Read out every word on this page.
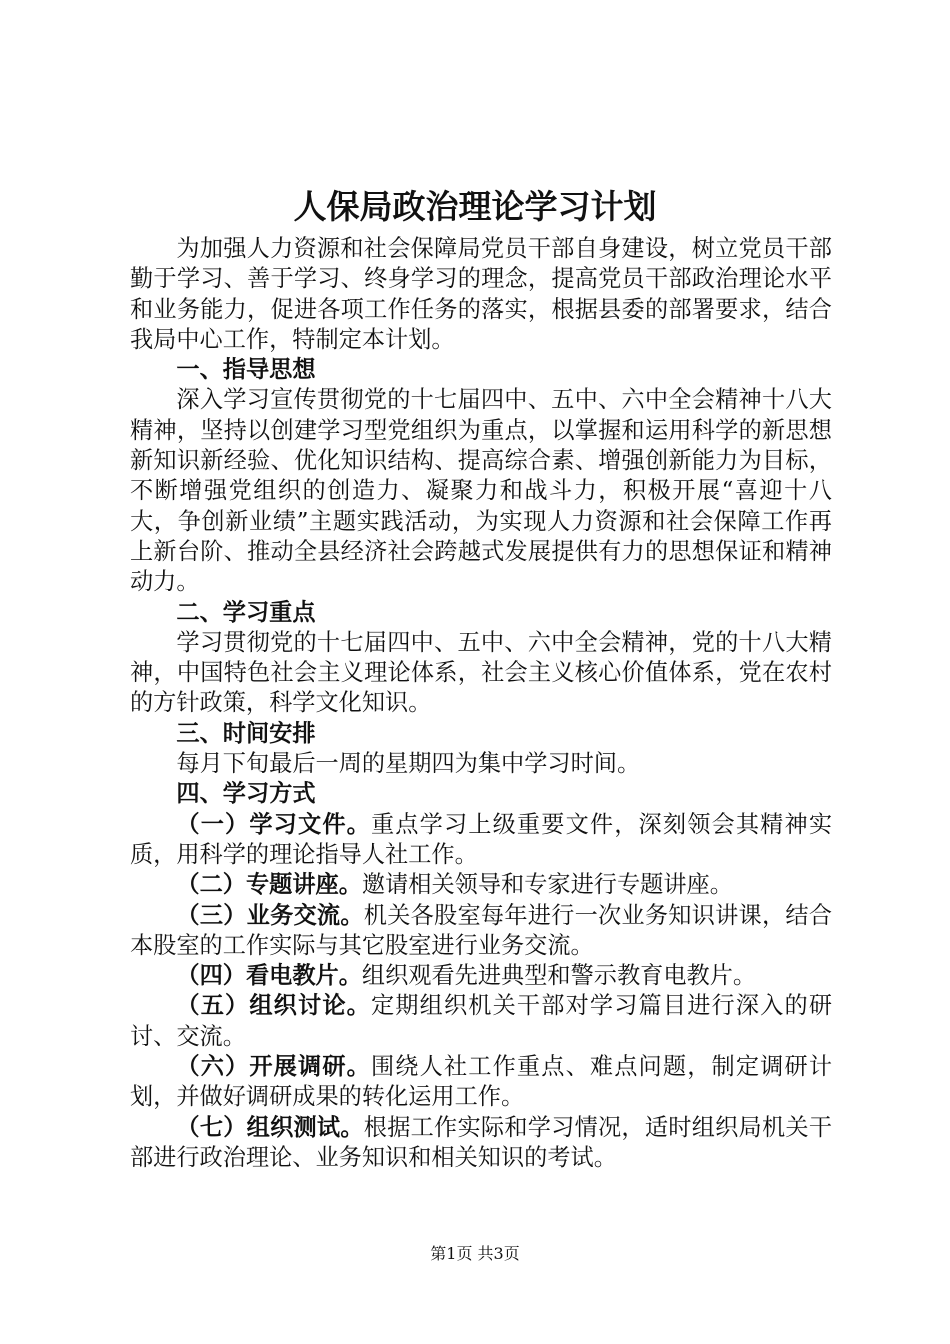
人保局政治理论学习计划

为加强人力资源和社会保障局党员干部自身建设，树立党员干部勤于学习、善于学习、终身学习的理念，提高党员干部政治理论水平和业务能力，促进各项工作任务的落实，根据县委的部署要求，结合我局中心工作，特制定本计划。

一、指导思想

深入学习宣传贯彻党的十七届四中、五中、六中全会精神十八大精神，坚持以创建学习型党组织为重点，以掌握和运用科学的新思想新知识新经验、优化知识结构、提高综合素、增强创新能力为目标，不断增强党组织的创造力、凝聚力和战斗力，积极开展“喜迎十八大，争创新业绩”主题实践活动，为实现人力资源和社会保障工作再上新台阶、推动全县经济社会跨越式发展提供有力的思想保证和精神动力。

二、学习重点

学习贯彻党的十七届四中、五中、六中全会精神，党的十八大精神，中国特色社会主义理论体系，社会主义核心价值体系，党在农村的方针政策，科学文化知识。

三、时间安排

每月下旬最后一周的星期四为集中学习时间。

四、学习方式

（一）学习文件。重点学习上级重要文件，深刻领会其精神实质，用科学的理论指导人社工作。

（二）专题讲座。邀请相关领导和专家进行专题讲座。

（三）业务交流。机关各股室每年进行一次业务知识讲课，结合本股室的工作实际与其它股室进行业务交流。

（四）看电教片。组织观看先进典型和警示教育电教片。

（五）组织讨论。定期组织机关干部对学习篇目进行深入的研讨、交流。

（六）开展调研。围绕人社工作重点、难点问题，制定调研计划，并做好调研成果的转化运用工作。

（七）组织测试。根据工作实际和学习情况，适时组织局机关干部进行政治理论、业务知识和相关知识的考试。

第1页 共3页
